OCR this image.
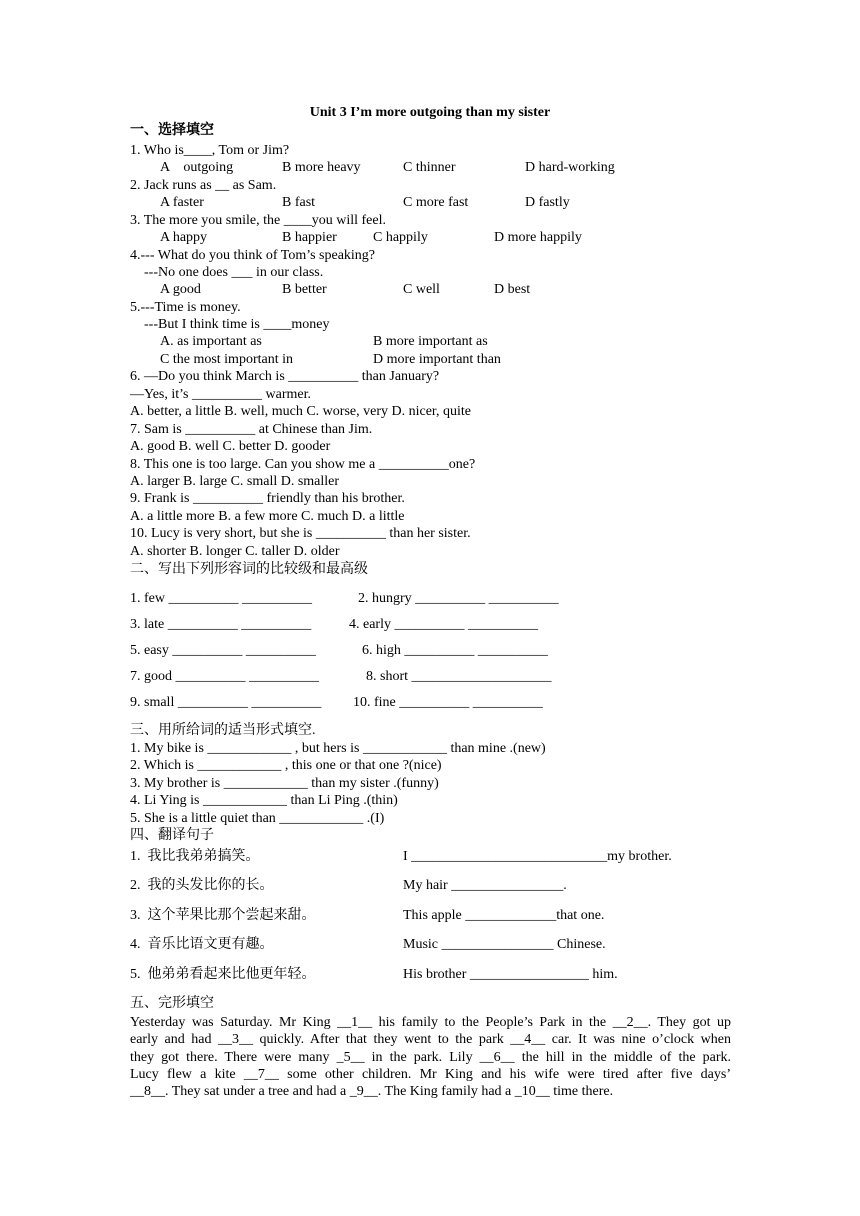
Unit 3 I’m more outgoing than my sister
一、选择填空
1. Who is____, Tom or Jim?
A    outgoing	B more heavy	C thinner	D hard-working
2. Jack runs as __ as Sam.
A faster	B fast	C more fast	D fastly
3. The more you smile, the ____you will feel.
A happy	B happier	C happily	D more happily
4.--- What do you think of Tom’s speaking?
---No one does ___ in our class.
A good	B better	C well	D best
5.---Time is money.
---But I think time is ____money
A. as important as	B more important as
C the most important in	D more important than
6. —Do you think March is __________ than January?
—Yes, it’s __________ warmer.
A. better, a little B. well, much C. worse, very D. nicer, quite
7. Sam is __________ at Chinese than Jim.
A. good B. well C. better D. gooder
8. This one is too large. Can you show me a __________one?
A. larger B. large C. small D. smaller
9. Frank is __________ friendly than his brother.
A. a little more B. a few more C. much D. a little
10. Lucy is very short, but she is __________ than her sister.
A. shorter B. longer C. taller D. older
二、写出下列形容词的比较级和最高级
1. few __________ __________	2. hungry __________ __________
3. late __________ __________	4. early __________ __________
5. easy __________ __________	6. high __________ __________
7. good __________ __________	8. short ____________________
9. small __________ __________ 10. fine __________ __________
三、用所给词的适当形式填空.
1. My bike is ____________ , but hers is ____________ than mine .(new)
2. Which is ____________ , this one or that one ?(nice)
3. My brother is ____________ than my sister .(funny)
4. Li Ying is ____________ than Li Ping .(thin)
5. She is a little quiet than ____________ .(I)
四、翻译句子
1.  我比我弟弟搞笑。	I ____________________________my brother.
2.  我的头发比你的长。	My hair ________________.
3.  这个苹果比那个尝起来甜。	This apple _____________that one.
4.  音乐比语文更有趣。	Music ________________ Chinese.
5.  他弟弟看起来比他更年轻。	His brother _________________ him.
五、完形填空
Yesterday was Saturday. Mr King __1__ his family to the People’s Park in the __2__. They got up
early and had __3__ quickly. After that they went to the park __4__ car. It was nine o’clock when
they got there. There were many _5__ in the park. Lily __6__ the hill in the middle of the park.
Lucy flew a kite __7__ some other children. Mr King and his wife were tired after five days’
__8__. They sat under a tree and had a _9__. The King family had a _10__ time there.
